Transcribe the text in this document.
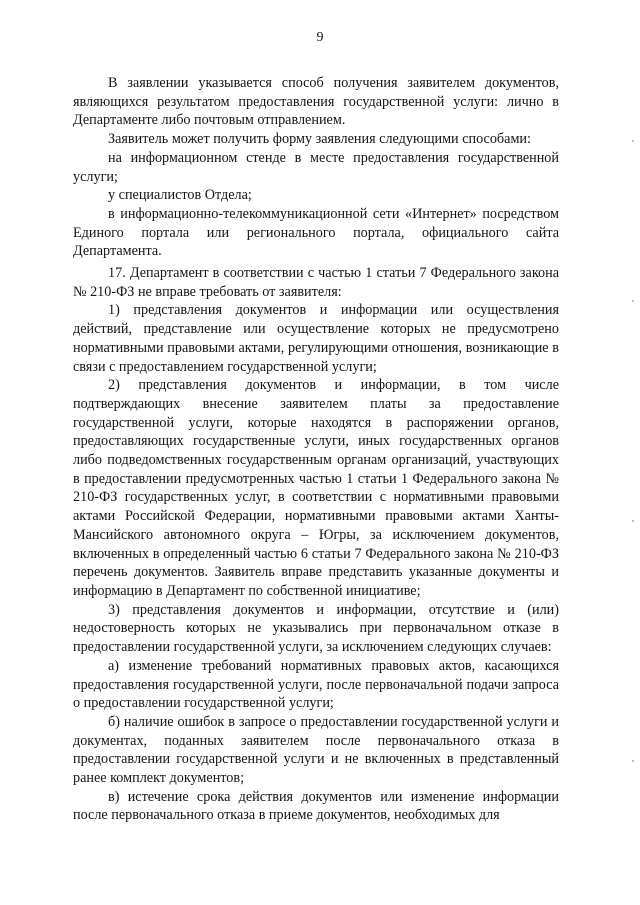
9

В заявлении указывается способ получения заявителем документов, являющихся результатом предоставления государственной услуги: лично в Департаменте либо почтовым отправлением.

Заявитель может получить форму заявления следующими способами:

на информационном стенде в месте предоставления государственной услуги;

у специалистов Отдела;

в информационно-телекоммуникационной сети «Интернет» посредством Единого портала или регионального портала, официального сайта Департамента.

17. Департамент в соответствии с частью 1 статьи 7 Федерального закона № 210-ФЗ не вправе требовать от заявителя:

1) представления документов и информации или осуществления действий, представление или осуществление которых не предусмотрено нормативными правовыми актами, регулирующими отношения, возникающие в связи с предоставлением государственной услуги;

2) представления документов и информации, в том числе подтверждающих внесение заявителем платы за предоставление государственной услуги, которые находятся в распоряжении органов, предоставляющих государственные услуги, иных государственных органов либо подведомственных государственным органам организаций, участвующих в предоставлении предусмотренных частью 1 статьи 1 Федерального закона № 210-ФЗ государственных услуг, в соответствии с нормативными правовыми актами Российской Федерации, нормативными правовыми актами Ханты-Мансийского автономного округа – Югры, за исключением документов, включенных в определенный частью 6 статьи 7 Федерального закона № 210-ФЗ перечень документов. Заявитель вправе представить указанные документы и информацию в Департамент по собственной инициативе;

3) представления документов и информации, отсутствие и (или) недостоверность которых не указывались при первоначальном отказе в предоставлении государственной услуги, за исключением следующих случаев:

а) изменение требований нормативных правовых актов, касающихся предоставления государственной услуги, после первоначальной подачи запроса о предоставлении государственной услуги;

б) наличие ошибок в запросе о предоставлении государственной услуги и документах, поданных заявителем после первоначального отказа в предоставлении государственной услуги и не включенных в представленный ранее комплект документов;

в) истечение срока действия документов или изменение информации после первоначального отказа в приеме документов, необходимых для
